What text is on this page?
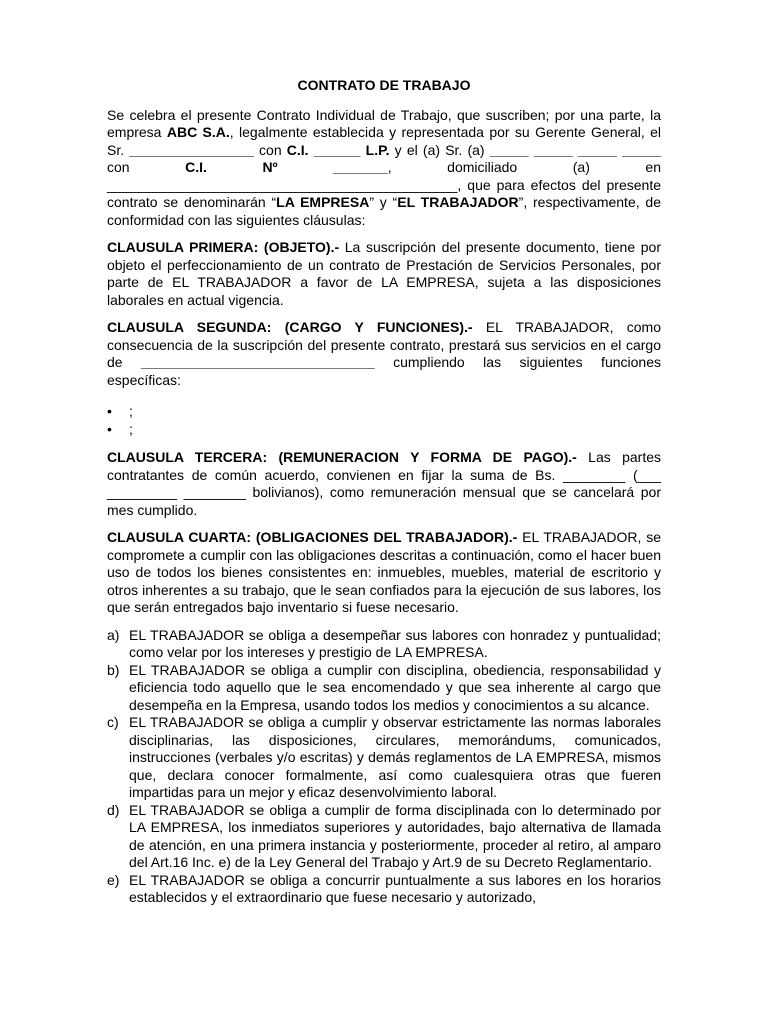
CONTRATO DE TRABAJO

Se celebra el presente Contrato Individual de Trabajo, que suscriben; por una parte, la empresa ABC S.A., legalmente establecida y representada por su Gerente General, el Sr. ________________ con C.I. ______ L.P. y el (a) Sr. (a) _____ _____ _____ _____ con C.I. Nº _______, domiciliado (a) en _____________________________________________, que para efectos del presente contrato se denominarán “LA EMPRESA” y “EL TRABAJADOR”, respectivamente, de conformidad con las siguientes cláusulas:

CLAUSULA PRIMERA: (OBJETO).- La suscripción del presente documento, tiene por objeto el perfeccionamiento de un contrato de Prestación de Servicios Personales, por parte de EL TRABAJADOR a favor de LA EMPRESA, sujeta a las disposiciones laborales en actual vigencia.

CLAUSULA SEGUNDA: (CARGO Y FUNCIONES).- EL TRABAJADOR, como consecuencia de la suscripción del presente contrato, prestará sus servicios en el cargo de ______________________________ cumpliendo las siguientes funciones específicas:

• ;
• ;

CLAUSULA TERCERA: (REMUNERACION Y FORMA DE PAGO).- Las partes contratantes de común acuerdo, convienen en fijar la suma de Bs. ________ (___ _________ ________ bolivianos), como remuneración mensual que se cancelará por mes cumplido.

CLAUSULA CUARTA: (OBLIGACIONES DEL TRABAJADOR).- EL TRABAJADOR, se compromete a cumplir con las obligaciones descritas a continuación, como el hacer buen uso de todos los bienes consistentes en: inmuebles, muebles, material de escritorio y otros inherentes a su trabajo, que le sean confiados para la ejecución de sus labores, los que serán entregados bajo inventario si fuese necesario.

a) EL TRABAJADOR se obliga a desempeñar sus labores con honradez y puntualidad; como velar por los intereses y prestigio de LA EMPRESA.
b) EL TRABAJADOR se obliga a cumplir con disciplina, obediencia, responsabilidad y eficiencia todo aquello que le sea encomendado y que sea inherente al cargo que desempeña en la Empresa, usando todos los medios y conocimientos a su alcance.
c) EL TRABAJADOR se obliga a cumplir y observar estrictamente las normas laborales disciplinarias, las disposiciones, circulares, memorándums, comunicados, instrucciones (verbales y/o escritas) y demás reglamentos de LA EMPRESA, mismos que, declara conocer formalmente, así como cualesquiera otras que fueren impartidas para un mejor y eficaz desenvolvimiento laboral.
d) EL TRABAJADOR se obliga a cumplir de forma disciplinada con lo determinado por LA EMPRESA, los inmediatos superiores y autoridades, bajo alternativa de llamada de atención, en una primera instancia y posteriormente, proceder al retiro, al amparo del Art.16 Inc. e) de la Ley General del Trabajo y Art.9 de su Decreto Reglamentario.
e) EL TRABAJADOR se obliga a concurrir puntualmente a sus labores en los horarios establecidos y el extraordinario que fuese necesario y autorizado,
